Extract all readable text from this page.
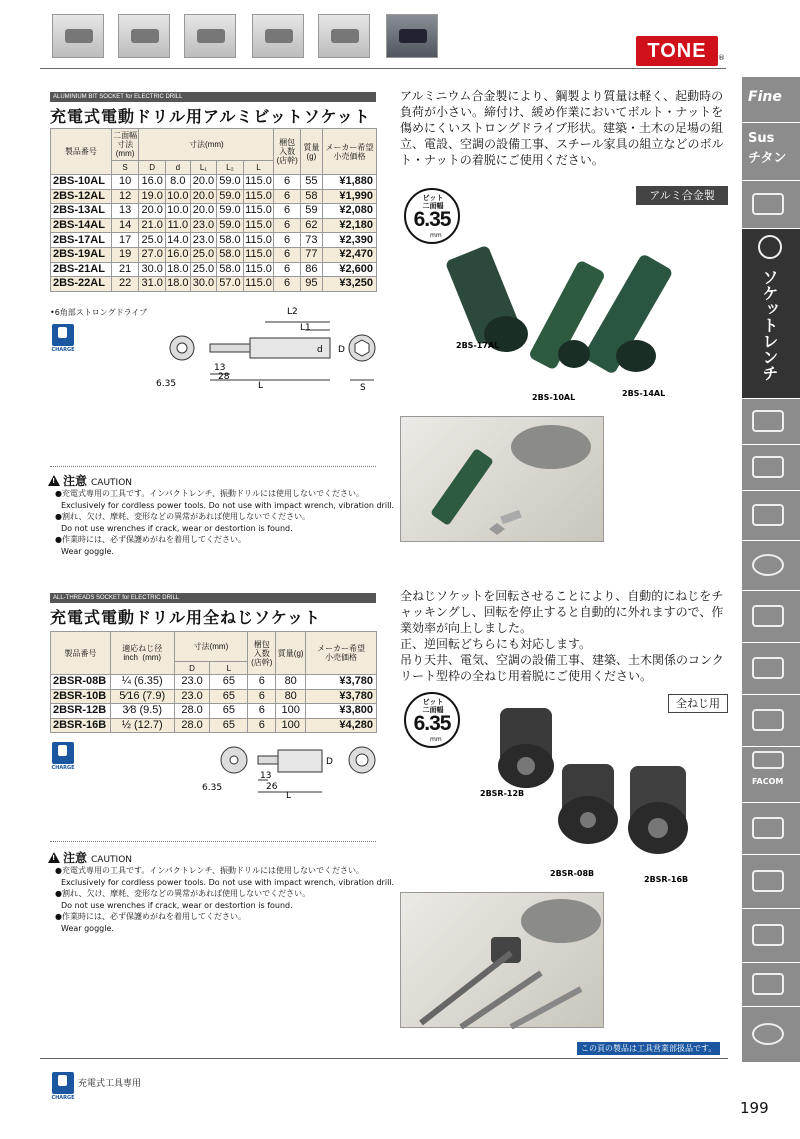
TONE	®
Fine
Sus
チタン
ソケットレンチ
FACOM
ALUMINIUM BIT SOCKET for ELECTRIC DRILL
充電式電動ドリル用アルミビットソケット
製品番号	二面幅
寸法
(mm)	寸法(mm)					梱包
入数
(店幹)	質量
(g)	メーカー希望
小売価格
	S	D	d	L₁	L₂	L			
2BS-10AL	10	16.0	8.0	20.0	59.0	115.0	6	55	¥1,880
2BS-12AL	12	19.0	10.0	20.0	59.0	115.0	6	58	¥1,990
2BS-13AL	13	20.0	10.0	20.0	59.0	115.0	6	59	¥2,080
2BS-14AL	14	21.0	11.0	23.0	59.0	115.0	6	62	¥2,180
2BS-17AL	17	25.0	14.0	23.0	58.0	115.0	6	73	¥2,390
2BS-19AL	19	27.0	16.0	25.0	58.0	115.0	6	77	¥2,470
2BS-21AL	21	30.0	18.0	25.0	58.0	115.0	6	86	¥2,600
2BS-22AL	22	31.0	18.0	30.0	57.0	115.0	6	95	¥3,250
•6角部ストロングドライブ
CHARGE
L2
L1
D
d
13
28
L
6.35	S
!注意 CAUTION
●充電式専用の工具です。インパクトレンチ、振動ドリルには使用しないでください。
Exclusively for cordless power tools. Do not use with impact wrench, vibration drill.
●割れ、欠け、摩耗、変形などの異常があれば使用しないでください。
Do not use wrenches if crack, wear or destortion is found.
●作業時には、必ず保護めがねを着用してください。
Wear goggle.
アルミニウム合金製により、鋼製より質量は軽く、起動時の負荷が小さい。締付け、緩め作業においてボルト・ナットを傷めにくいストロングドライブ形状。建築・土木の足場の組立、電設、空調の設備工事、スチール家具の組立などのボルト・ナットの着脱にご使用ください。
ビット
二面幅
6.35
mm
アルミ合金製
2BS-17AL
2BS-10AL	2BS-14AL
ALL-THREADS SOCKET for ELECTRIC DRILL
充電式電動ドリル用全ねじソケット
製品番号	適応ねじ径
inch  (mm)	寸法(mm)		梱包
入数
(店幹)	質量(g)	メーカー希望
小売価格
		D	L			
2BSR-08B	¼ (6.35)	23.0	65	6	80	¥3,780
2BSR-10B	5⁄16 (7.9)	23.0	65	6	80	¥3,780
2BSR-12B	3⁄8 (9.5)	28.0	65	6	100	¥3,800
2BSR-16B	½ (12.7)	28.0	65	6	100	¥4,280
CHARGE
6.35
13
26
L
D
!注意 CAUTION
●充電式専用の工具です。インパクトレンチ、振動ドリルには使用しないでください。
Exclusively for cordless power tools. Do not use with impact wrench, vibration drill.
●割れ、欠け、摩耗、変形などの異常があれば使用しないでください。
Do not use wrenches if crack, wear or destortion is found.
●作業時には、必ず保護めがねを着用してください。
Wear goggle.
全ねじソケットを回転させることにより、自動的にねじをチャッキングし、回転を停止すると自動的に外れますので、作業効率が向上しました。
正、逆回転どちらにも対応します。
吊り天井、電気、空調の設備工事、建築、土木関係のコンクリート型枠の全ねじ用着脱にご使用ください。
ビット
二面幅
6.35
mm
全ねじ用
2BSR-12B
2BSR-08B
2BSR-16B
この頁の製品は工具営業部扱品です。
CHARGE
充電式工具専用
199
